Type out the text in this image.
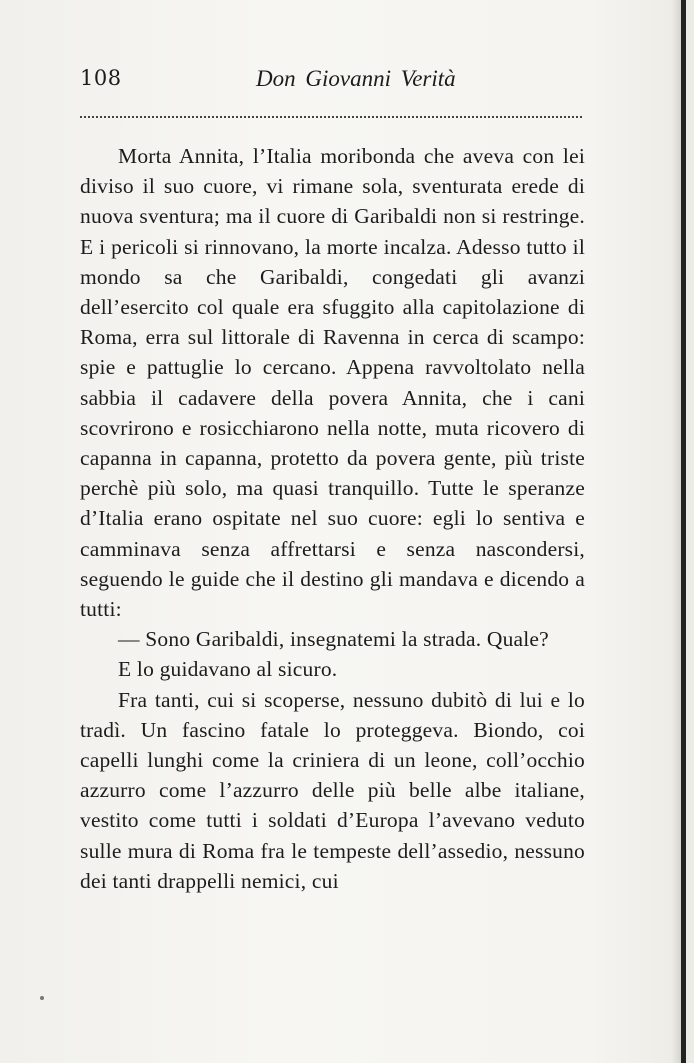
108	Don Giovanni Verità

Morta Annita, l’Italia moribonda che aveva con lei diviso il suo cuore, vi rimane sola, sventurata erede di nuova sventura; ma il cuore di Garibaldi non si restringe. E i pericoli si rinnovano, la morte incalza. Adesso tutto il mondo sa che Garibaldi, congedati gli avanzi dell’esercito col quale era sfuggito alla capitolazione di Roma, erra sul littorale di Ravenna in cerca di scampo: spie e pattuglie lo cercano. Appena ravvoltolato nella sabbia il cadavere della povera Annita, che i cani scovrirono e rosicchiarono nella notte, muta ricovero di capanna in capanna, protetto da povera gente, più triste perchè più solo, ma quasi tranquillo. Tutte le speranze d’Italia erano ospitate nel suo cuore: egli lo sentiva e camminava senza affrettarsi e senza nascondersi, seguendo le guide che il destino gli mandava e dicendo a tutti:

— Sono Garibaldi, insegnatemi la strada. Quale?

E lo guidavano al sicuro.

Fra tanti, cui si scoperse, nessuno dubitò di lui e lo tradì. Un fascino fatale lo proteggeva. Biondo, coi capelli lunghi come la criniera di un leone, coll’occhio azzurro come l’azzurro delle più belle albe italiane, vestito come tutti i soldati d’Europa l’avevano veduto sulle mura di Roma fra le tempeste dell’assedio, nessuno dei tanti drappelli nemici, cui
